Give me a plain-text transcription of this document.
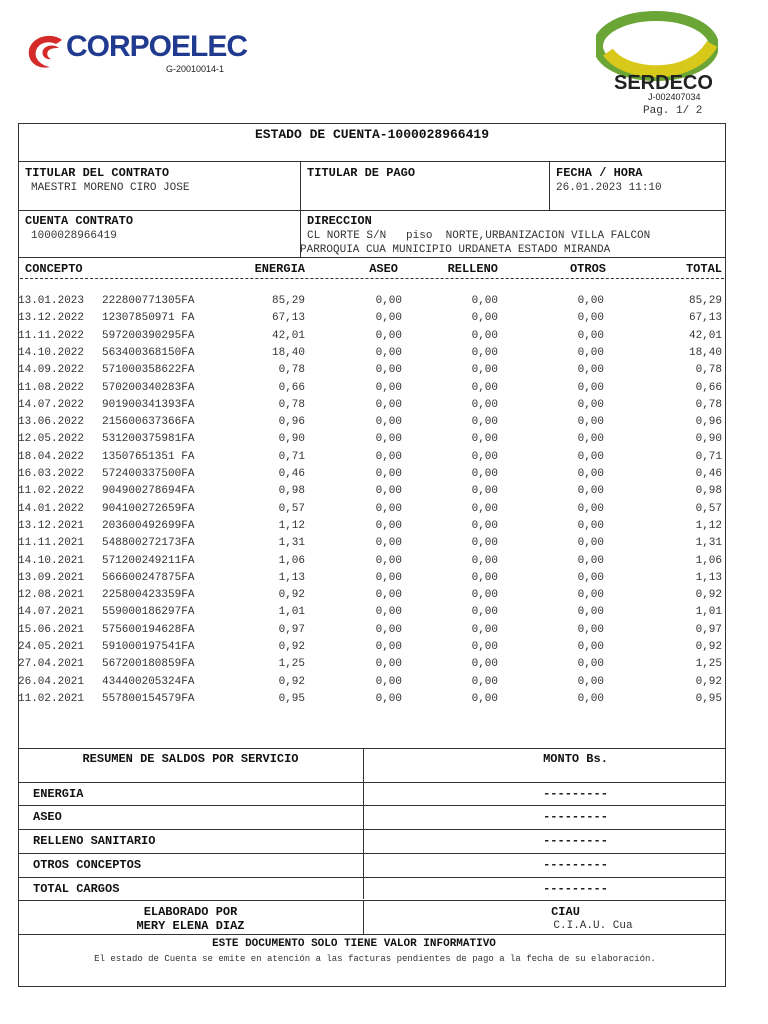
CORPOELEC
G-20010014-1
SERDECO
J-002407034
Pag. 1/ 2
ESTADO DE CUENTA-1000028966419
TITULAR DEL CONTRATO
MAESTRI MORENO CIRO JOSE
TITULAR DE PAGO	FECHA / HORA
26.01.2023 11:10
CUENTA CONTRATO
1000028966419
DIRECCION
CL NORTE S/N   piso  NORTE,URBANIZACION VILLA FALCON
PARROQUIA CUA MUNICIPIO URDANETA ESTADO MIRANDA
CONCEPTO	ENERGIA	ASEO	RELLENO	OTROS	TOTAL
13.01.2023	222800771305FA	85,29	0,00	0,00	0,00	85,29
13.12.2022	12307850971 FA	67,13	0,00	0,00	0,00	67,13
11.11.2022	597200390295FA	42,01	0,00	0,00	0,00	42,01
14.10.2022	563400368150FA	18,40	0,00	0,00	0,00	18,40
14.09.2022	571000358622FA	0,78	0,00	0,00	0,00	0,78
11.08.2022	570200340283FA	0,66	0,00	0,00	0,00	0,66
14.07.2022	901900341393FA	0,78	0,00	0,00	0,00	0,78
13.06.2022	215600637366FA	0,96	0,00	0,00	0,00	0,96
12.05.2022	531200375981FA	0,90	0,00	0,00	0,00	0,90
18.04.2022	13507651351 FA	0,71	0,00	0,00	0,00	0,71
16.03.2022	572400337500FA	0,46	0,00	0,00	0,00	0,46
11.02.2022	904900278694FA	0,98	0,00	0,00	0,00	0,98
14.01.2022	904100272659FA	0,57	0,00	0,00	0,00	0,57
13.12.2021	203600492699FA	1,12	0,00	0,00	0,00	1,12
11.11.2021	548800272173FA	1,31	0,00	0,00	0,00	1,31
14.10.2021	571200249211FA	1,06	0,00	0,00	0,00	1,06
13.09.2021	566600247875FA	1,13	0,00	0,00	0,00	1,13
12.08.2021	225800423359FA	0,92	0,00	0,00	0,00	0,92
14.07.2021	559000186297FA	1,01	0,00	0,00	0,00	1,01
15.06.2021	575600194628FA	0,97	0,00	0,00	0,00	0,97
24.05.2021	591000197541FA	0,92	0,00	0,00	0,00	0,92
27.04.2021	567200180859FA	1,25	0,00	0,00	0,00	1,25
26.04.2021	434400205324FA	0,92	0,00	0,00	0,00	0,92
11.02.2021	557800154579FA	0,95	0,00	0,00	0,00	0,95
RESUMEN DE SALDOS POR SERVICIO	MONTO Bs.
ENERGIA	---------
ASEO	---------
RELLENO SANITARIO	---------
OTROS CONCEPTOS	---------
TOTAL CARGOS	---------
ELABORADO POR
MERY ELENA DIAZ
CIAU
C.I.A.U. Cua
ESTE DOCUMENTO SOLO TIENE VALOR INFORMATIVO
El estado de Cuenta se emite en atención a las facturas pendientes de pago a la fecha de su elaboración.
